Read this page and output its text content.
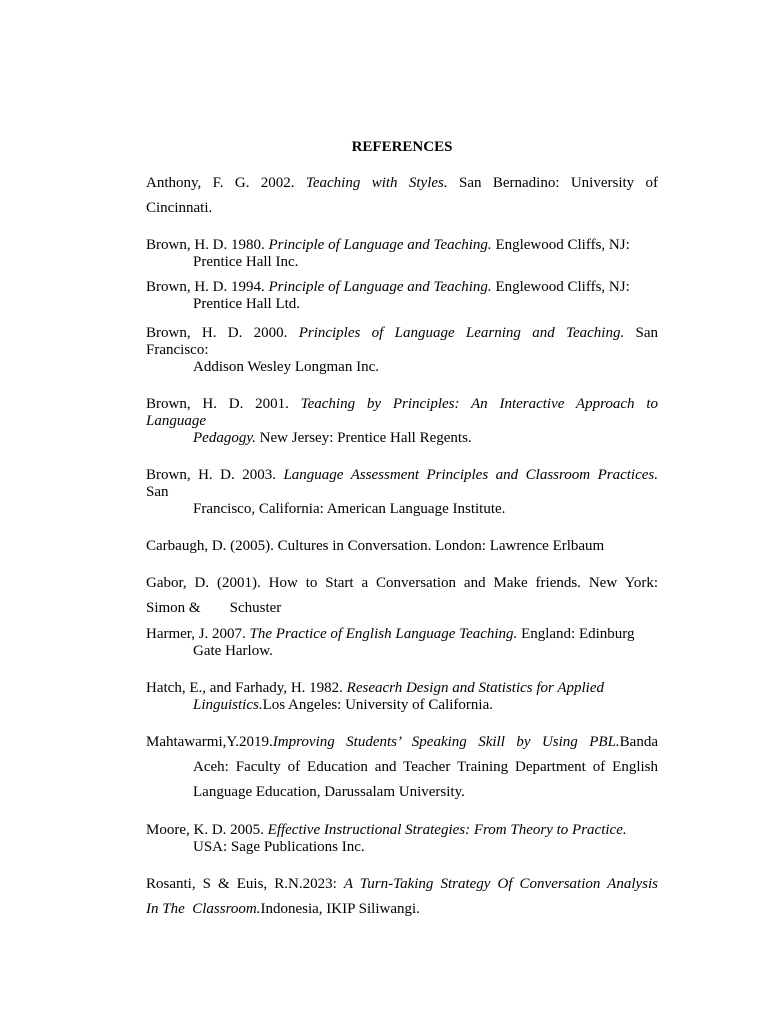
REFERENCES
Anthony, F. G. 2002. Teaching with Styles. San Bernadino: University of
Cincinnati.
Brown, H. D. 1980. Principle of Language and Teaching. Englewood Cliffs, NJ:
Prentice Hall Inc.
Brown, H. D. 1994. Principle of Language and Teaching. Englewood Cliffs, NJ:
Prentice Hall Ltd.
Brown, H. D. 2000. Principles of Language Learning and Teaching. San
Francisco:
Addison Wesley Longman Inc.
Brown, H. D. 2001. Teaching by Principles: An Interactive Approach to
Language
Pedagogy. New Jersey: Prentice Hall Regents.
Brown, H. D. 2003. Language Assessment Principles and Classroom Practices.
San
Francisco, California: American Language Institute.
Carbaugh, D. (2005). Cultures in Conversation. London: Lawrence Erlbaum
Gabor, D. (2001). How to Start a Conversation and Make friends. New York:
Simon & Schuster
Harmer, J. 2007. The Practice of English Language Teaching. England: Edinburg
Gate Harlow.
Hatch, E., and Farhady, H. 1982. Reseacrh Design and Statistics for Applied
Linguistics.Los Angeles: University of California.
Mahtawarmi,Y.2019.Improving Students’ Speaking Skill by Using PBL.Banda
Aceh: Faculty of Education and Teacher Training Department of English
Language Education, Darussalam University.
Moore, K. D. 2005. Effective Instructional Strategies: From Theory to Practice.
USA: Sage Publications Inc.
Rosanti, S & Euis, R.N.2023: A Turn-Taking Strategy Of Conversation Analysis
In The  Classroom.Indonesia, IKIP Siliwangi.
